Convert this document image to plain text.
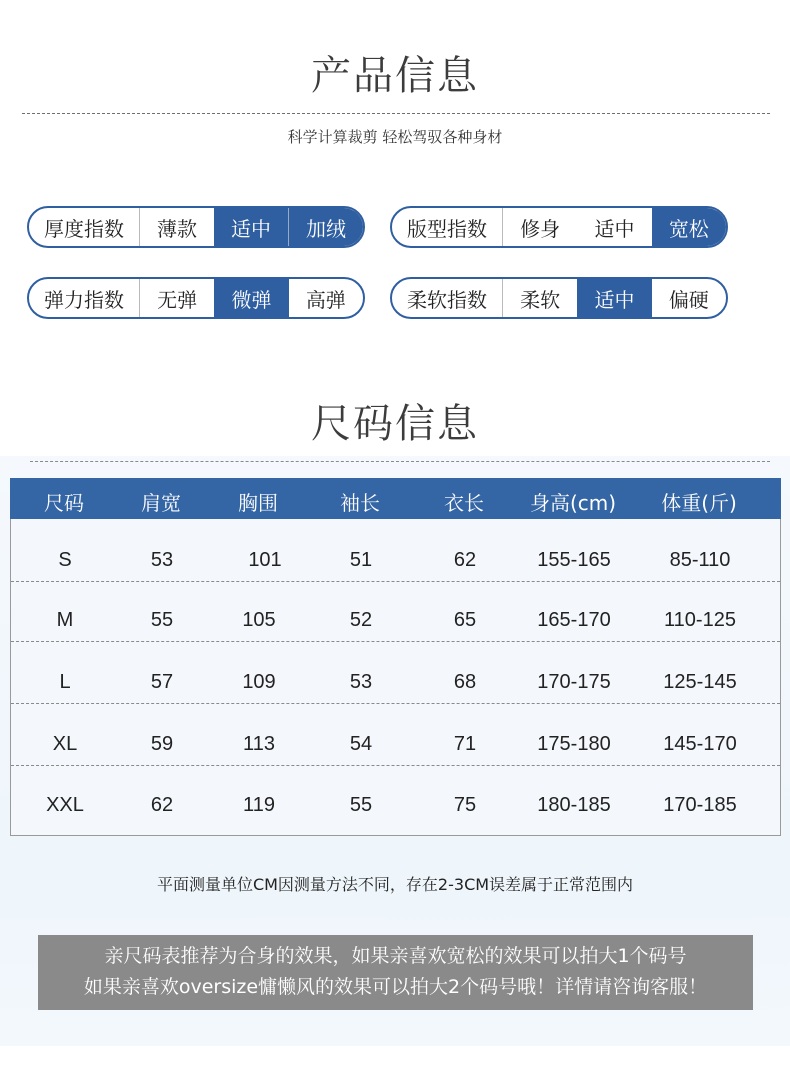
产品信息
科学计算裁剪 轻松驾驭各种身材
厚度指数	薄款	适中	加绒	版型指数	修身	适中	宽松
弹力指数	无弹	微弹	高弹	柔软指数	柔软	适中	偏硬
尺码信息
尺码	肩宽	胸围	袖长	衣长 身高(cm) 体重(斤)
S	53	101	51	62	155-165	85-110
M	55	105	52	65	165-170	110-125
L	57	109	53	68	170-175	125-145
XL	59	113	54	71	175-180	145-170
XXL	62	119	55	75	180-185	170-185
平面测量单位CM因测量方法不同，存在2-3CM误差属于正常范围内
亲尺码表推荐为合身的效果，如果亲喜欢宽松的效果可以拍大1个码号
如果亲喜欢oversize慵懒风的效果可以拍大2个码号哦！详情请咨询客服！
